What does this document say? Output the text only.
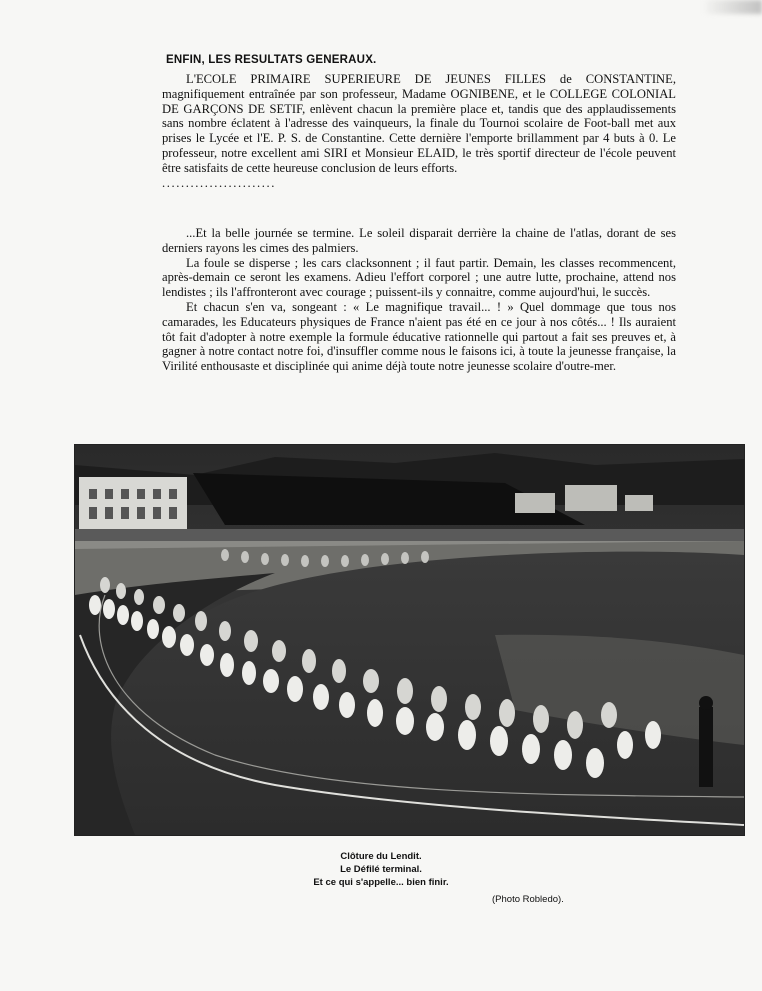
ENFIN, LES RESULTATS GENERAUX.

L'ECOLE PRIMAIRE SUPERIEURE DE JEUNES FILLES de CONSTANTINE, magnifiquement entraînée par son professeur, Madame OGNIBENE, et le COLLEGE COLONIAL DE GARÇONS DE SETIF, enlèvent chacun la première place et, tandis que des applaudissements sans nombre éclatent à l'adresse des vainqueurs, la finale du Tournoi scolaire de Foot-ball met aux prises le Lycée et l'E. P. S. de Constantine. Cette dernière l'emporte brillamment par 4 buts à 0. Le professeur, notre excellent ami SIRI et Monsieur ELAID, le très sportif directeur de l'école peuvent être satisfaits de cette heureuse conclusion de leurs efforts.

........................

...Et la belle journée se termine. Le soleil disparait derrière la chaine de l'atlas, dorant de ses derniers rayons les cimes des palmiers.

La foule se disperse ; les cars clacksonnent ; il faut partir. Demain, les classes recommencent, après-demain ce seront les examens. Adieu l'effort corporel ; une autre lutte, prochaine, attend nos lendistes ; ils l'affronteront avec courage ; puissent-ils y connaitre, comme aujourd'hui, le succès.

Et chacun s'en va, songeant : « Le magnifique travail... ! » Quel dommage que tous nos camarades, les Educateurs physiques de France n'aient pas été en ce jour à nos côtés... ! Ils auraient tôt fait d'adopter à notre exemple la formule éducative rationnelle qui partout a fait ses preuves et, à gagner à notre contact notre foi, d'insuffler comme nous le faisons ici, à toute la jeunesse française, la Virilité enthousaste et disciplinée qui anime déjà toute notre jeunesse scolaire d'outre-mer.

Clôture du Lendit.
Le Défilé terminal.
Et ce qui s'appelle... bien finir.
(Photo Robledo).
